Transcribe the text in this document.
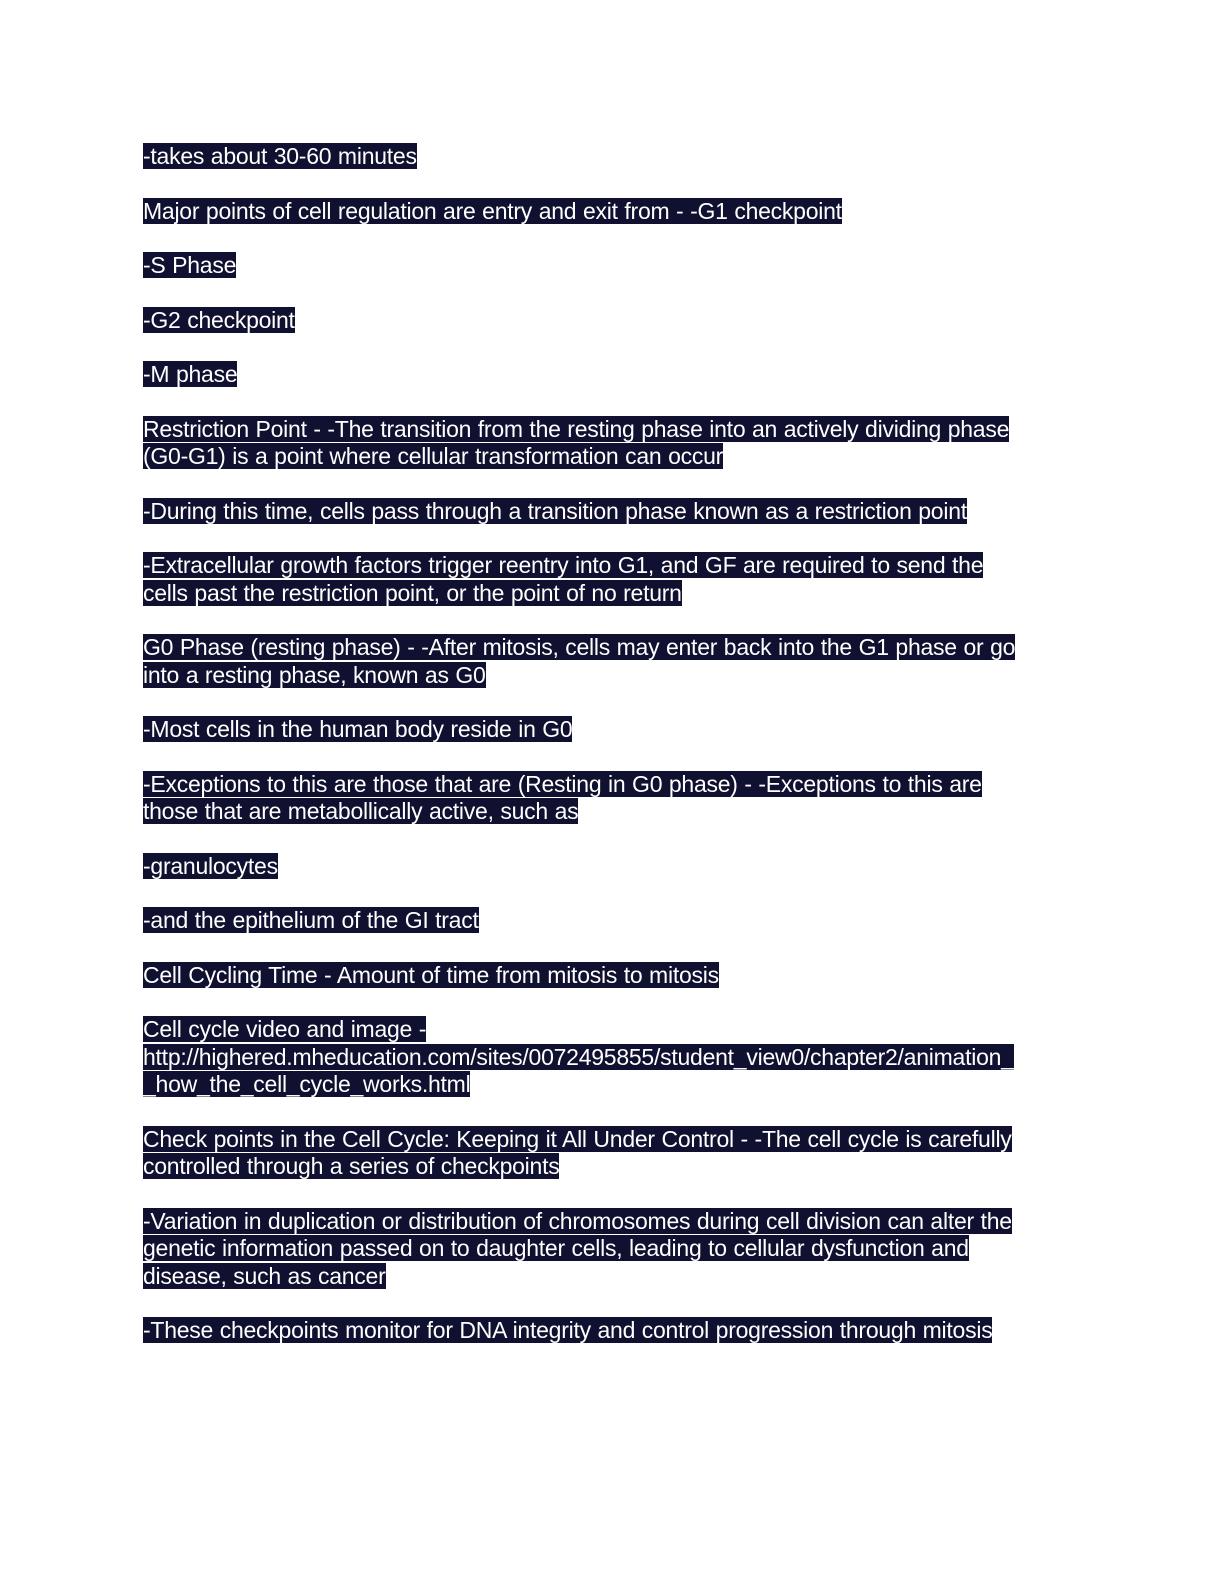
-takes about 30-60 minutes

Major points of cell regulation are entry and exit from - -G1 checkpoint

-S Phase

-G2 checkpoint

-M phase

Restriction Point - -The transition from the resting phase into an actively dividing phase
(G0-G1) is a point where cellular transformation can occur

-During this time, cells pass through a transition phase known as a restriction point

-Extracellular growth factors trigger reentry into G1, and GF are required to send the
cells past the restriction point, or the point of no return

G0 Phase (resting phase) - -After mitosis, cells may enter back into the G1 phase or go
into a resting phase, known as G0

-Most cells in the human body reside in G0

-Exceptions to this are those that are (Resting in G0 phase) - -Exceptions to this are
those that are metabollically active, such as

-granulocytes

-and the epithelium of the GI tract

Cell Cycling Time - Amount of time from mitosis to mitosis

Cell cycle video and image -
http://highered.mheducation.com/sites/0072495855/student_view0/chapter2/animation_
_how_the_cell_cycle_works.html

Check points in the Cell Cycle: Keeping it All Under Control - -The cell cycle is carefully
controlled through a series of checkpoints

-Variation in duplication or distribution of chromosomes during cell division can alter the
genetic information passed on to daughter cells, leading to cellular dysfunction and
disease, such as cancer

-These checkpoints monitor for DNA integrity and control progression through mitosis
